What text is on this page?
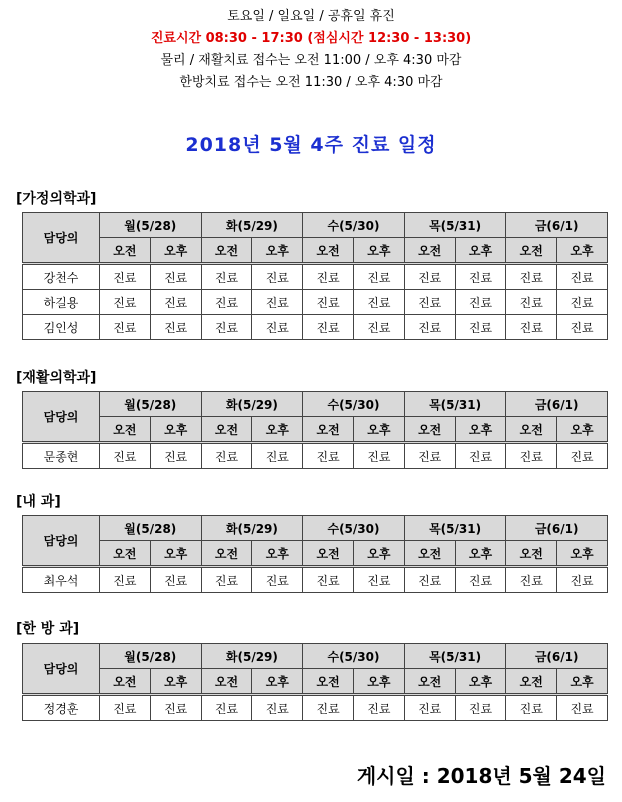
토요일 / 일요일 / 공휴일 휴진
진료시간 08:30 - 17:30 (점심시간 12:30 - 13:30)
물리 / 재활치료 접수는 오전 11:00 / 오후 4:30 마감
한방치료 접수는 오전 11:30 / 오후 4:30 마감
2018년 5월 4주 진료 일정

[가정의학과]

담당의	월(5/28)		화(5/29)		수(5/30)		목(5/31)		금(6/1)	
	오전	오후	오전	오후	오전	오후	오전	오후	오전	오후
강천수	진료	진료	진료	진료	진료	진료	진료	진료	진료	진료
하길용	진료	진료	진료	진료	진료	진료	진료	진료	진료	진료
김인성	진료	진료	진료	진료	진료	진료	진료	진료	진료	진료

[재활의학과]

담당의	월(5/28)		화(5/29)		수(5/30)		목(5/31)		금(6/1)	
	오전	오후	오전	오후	오전	오후	오전	오후	오전	오후
문종현	진료	진료	진료	진료	진료	진료	진료	진료	진료	진료

[내 과]

담당의	월(5/28)		화(5/29)		수(5/30)		목(5/31)		금(6/1)	
	오전	오후	오전	오후	오전	오후	오전	오후	오전	오후
최우석	진료	진료	진료	진료	진료	진료	진료	진료	진료	진료

[한 방 과]

담당의	월(5/28)		화(5/29)		수(5/30)		목(5/31)		금(6/1)	
	오전	오후	오전	오후	오전	오후	오전	오후	오전	오후
정경훈	진료	진료	진료	진료	진료	진료	진료	진료	진료	진료

게시일 : 2018년 5월 24일
